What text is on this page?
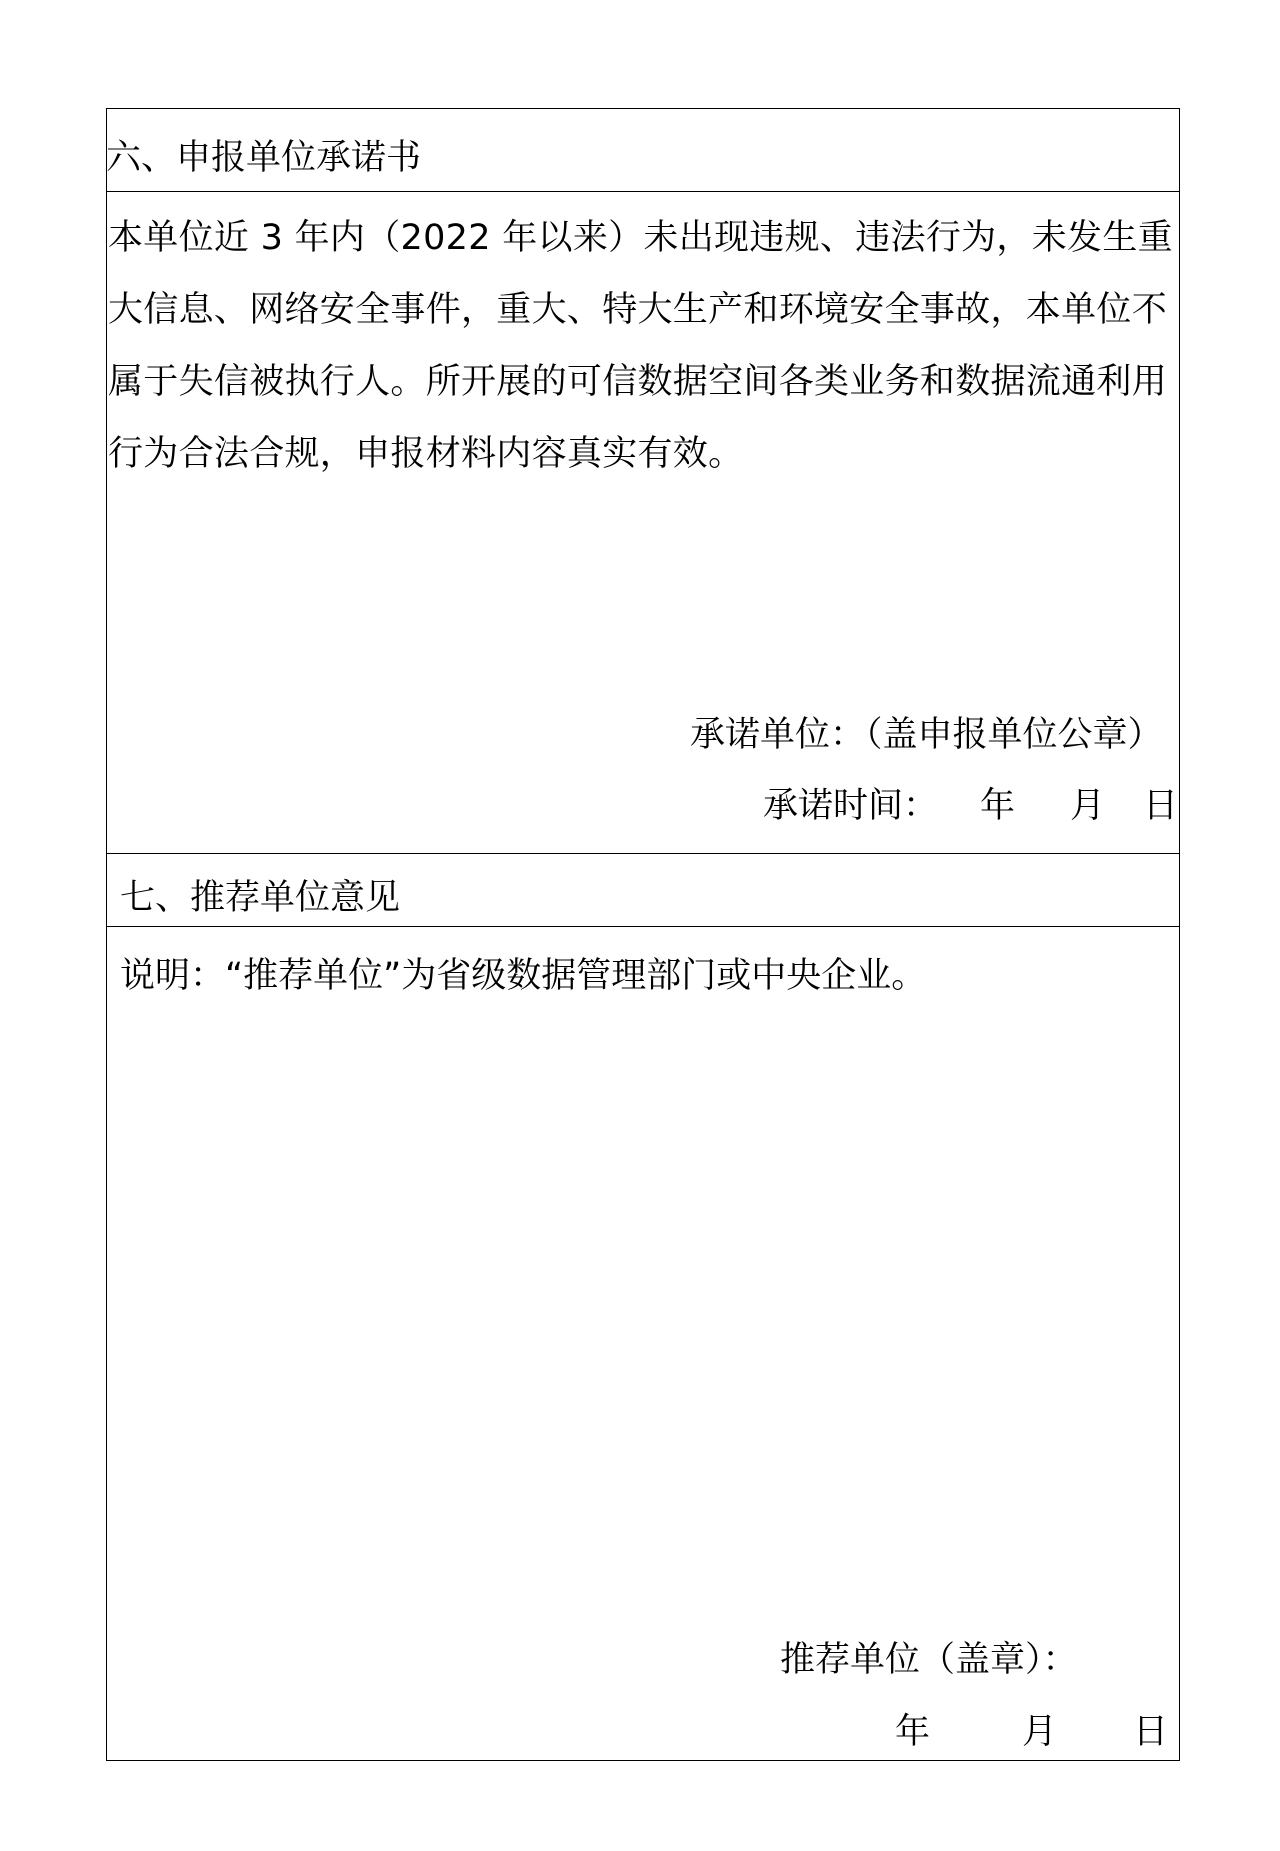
六、申报单位承诺书
本单位近 3 年内（2022 年以来）未出现违规、违法行为，未发生重
大信息、网络安全事件，重大、特大生产和环境安全事故，本单位不
属于失信被执行人。所开展的可信数据空间各类业务和数据流通利用
行为合法合规，申报材料内容真实有效。
承诺单位：（盖申报单位公章）
承诺时间： 年 月 日
七、推荐单位意见
说明：“推荐单位”为省级数据管理部门或中央企业。
推荐单位（盖章）：
年	月 日
